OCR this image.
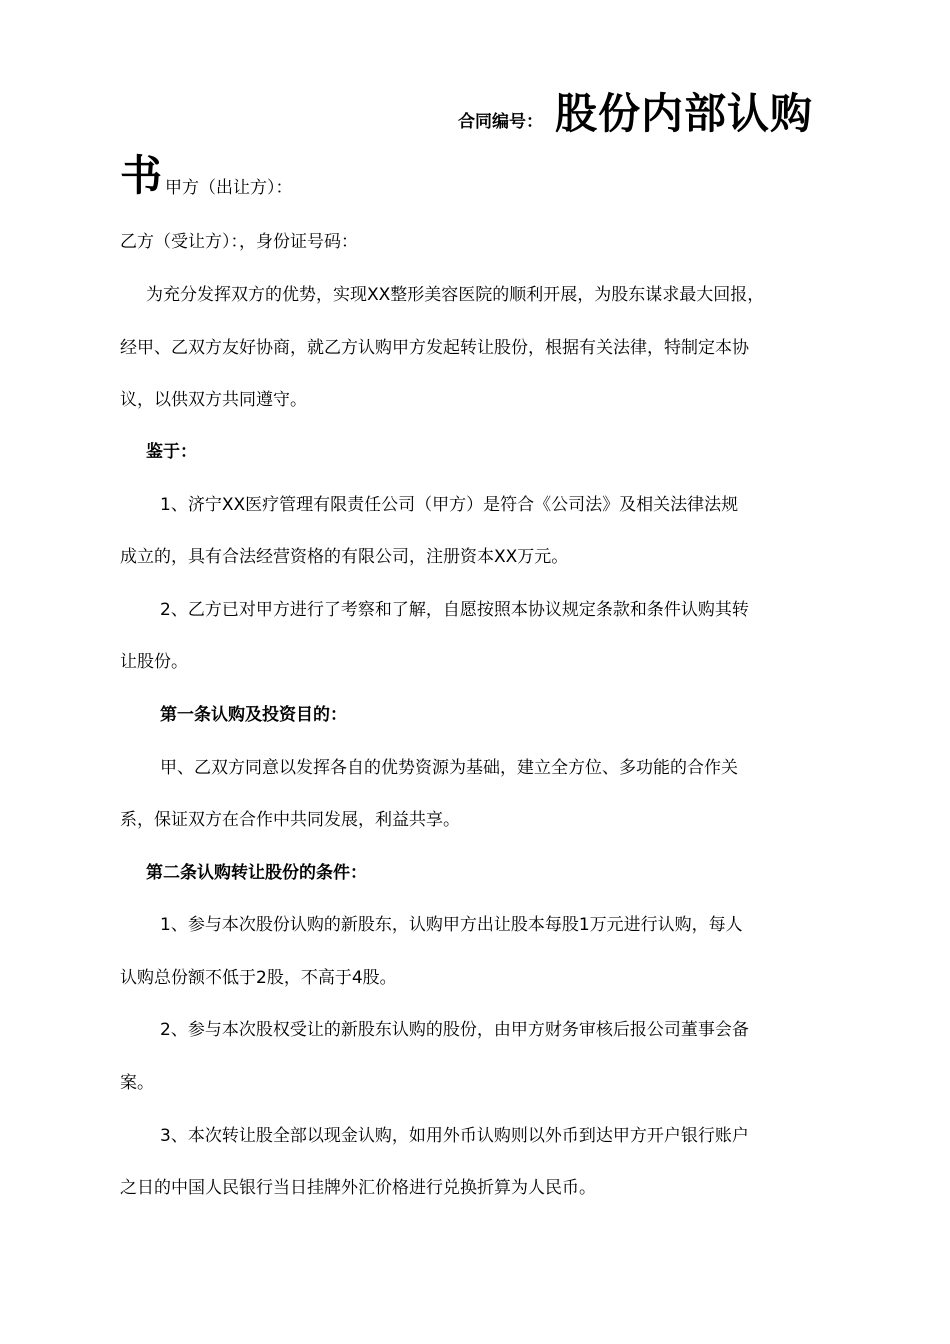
合同编号： 股份内部认购
书 甲方（出让方）：
乙方（受让方）：，身份证号码：
为充分发挥双方的优势，实现XX整形美容医院的顺利开展，为股东谋求最大回报，
经甲、乙双方友好协商，就乙方认购甲方发起转让股份，根据有关法律，特制定本协
议，以供双方共同遵守。
鉴于：
1、济宁XX医疗管理有限责任公司（甲方）是符合《公司法》及相关法律法规
成立的，具有合法经营资格的有限公司，注册资本XX万元。
2、乙方已对甲方进行了考察和了解，自愿按照本协议规定条款和条件认购其转
让股份。
第一条认购及投资目的：
甲、乙双方同意以发挥各自的优势资源为基础，建立全方位、多功能的合作关
系，保证双方在合作中共同发展，利益共享。
第二条认购转让股份的条件：
1、参与本次股份认购的新股东，认购甲方出让股本每股1万元进行认购，每人
认购总份额不低于2股，不高于4股。
2、参与本次股权受让的新股东认购的股份，由甲方财务审核后报公司董事会备
案。
3、本次转让股全部以现金认购，如用外币认购则以外币到达甲方开户银行账户
之日的中国人民银行当日挂牌外汇价格进行兑换折算为人民币。
